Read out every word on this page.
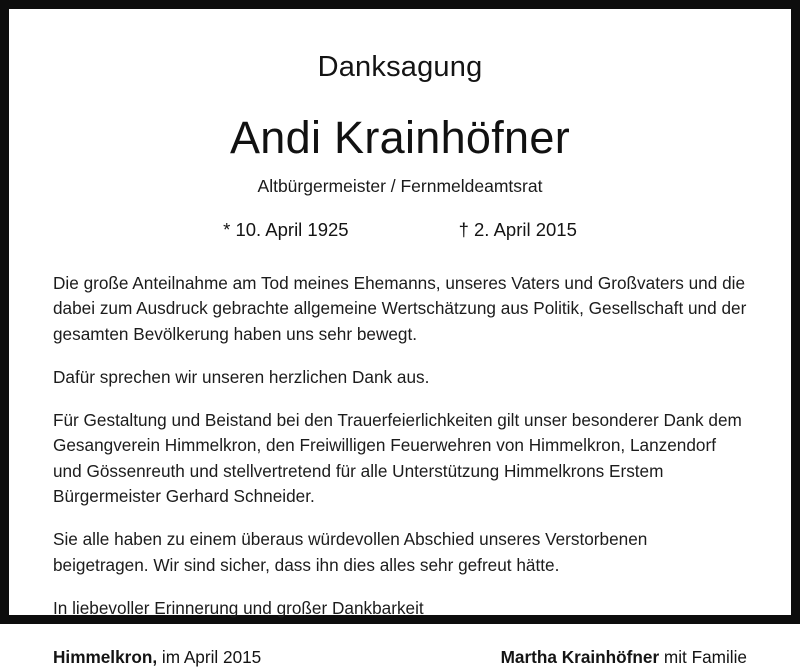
Danksagung
Andi Krainhöfner
Altbürgermeister / Fernmeldeamtsrat
* 10. April 1925	† 2. April 2015

Die große Anteilnahme am Tod meines Ehemanns, unseres Vaters und Großvaters und die dabei zum Ausdruck gebrachte allgemeine Wertschätzung aus Politik, Gesellschaft und der gesamten Bevölkerung haben uns sehr bewegt.

Dafür sprechen wir unseren herzlichen Dank aus.

Für Gestaltung und Beistand bei den Trauerfeierlichkeiten gilt unser besonderer Dank dem Gesangverein Himmelkron, den Freiwilligen Feuerwehren von Himmelkron, Lanzendorf und Gössenreuth und stellvertretend für alle Unterstützung Himmelkrons Erstem Bürgermeister Gerhard Schneider.

Sie alle haben zu einem überaus würdevollen Abschied unseres Verstorbenen beigetragen. Wir sind sicher, dass ihn dies alles sehr gefreut hätte.

In liebevoller Erinnerung und großer Dankbarkeit

Himmelkron, im April 2015	Martha Krainhöfner mit Familie
